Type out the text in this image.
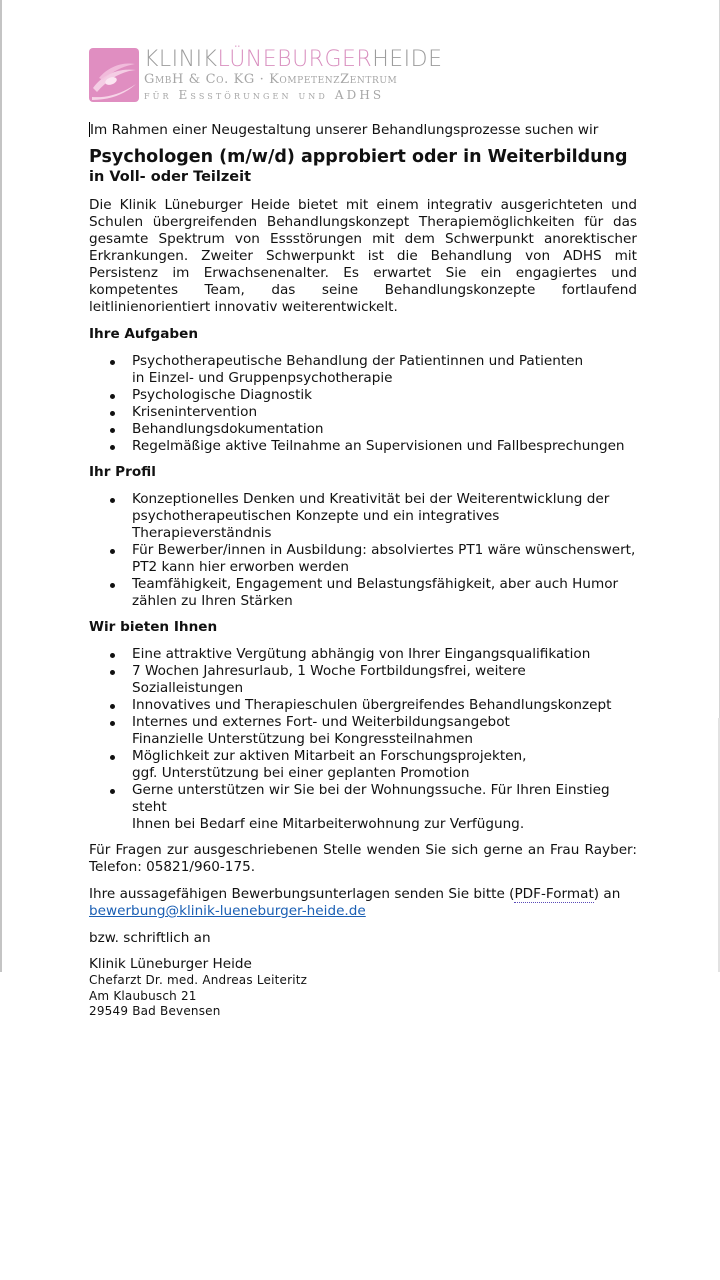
KLINIKLÜNEBURGERHEIDE
GmbH & Co. KG · KompetenzZentrum
für Essstörungen und ADHS

Im Rahmen einer Neugestaltung unserer Behandlungsprozesse suchen wir

Psychologen (m/w/d) approbiert oder in Weiterbildung
in Voll- oder Teilzeit

Die Klinik Lüneburger Heide bietet mit einem integrativ ausgerichteten und Schulen übergreifenden Behandlungskonzept Therapiemöglichkeiten für das gesamte Spektrum von Essstörungen mit dem Schwerpunkt anorektischer Erkrankungen. Zweiter Schwerpunkt ist die Behandlung von ADHS mit Persistenz im Erwachsenenalter. Es erwartet Sie ein engagiertes und kompetentes Team, das seine Behandlungskonzepte fortlaufend leitlinienorientiert innovativ weiterentwickelt.

Ihre Aufgaben
Psychotherapeutische Behandlung der Patientinnen und Patienten
in Einzel- und Gruppenpsychotherapie
Psychologische Diagnostik
Krisenintervention
Behandlungsdokumentation
Regelmäßige aktive Teilnahme an Supervisionen und Fallbesprechungen
Ihr Profil
Konzeptionelles Denken und Kreativität bei der Weiterentwicklung der
psychotherapeutischen Konzepte und ein integratives Therapieverständnis
Für Bewerber/innen in Ausbildung: absolviertes PT1 wäre wünschenswert,
PT2 kann hier erworben werden
Teamfähigkeit, Engagement und Belastungsfähigkeit, aber auch Humor
zählen zu Ihren Stärken
Wir bieten Ihnen
Eine attraktive Vergütung abhängig von Ihrer Eingangsqualifikation
7 Wochen Jahresurlaub, 1 Woche Fortbildungsfrei, weitere Sozialleistungen
Innovatives und Therapieschulen übergreifendes Behandlungskonzept
Internes und externes Fort- und Weiterbildungsangebot
Finanzielle Unterstützung bei Kongressteilnahmen
Möglichkeit zur aktiven Mitarbeit an Forschungsprojekten,
ggf. Unterstützung bei einer geplanten Promotion
Gerne unterstützen wir Sie bei der Wohnungssuche. Für Ihren Einstieg steht
Ihnen bei Bedarf eine Mitarbeiterwohnung zur Verfügung.

Für Fragen zur ausgeschriebenen Stelle wenden Sie sich gerne an Frau Rayber: Telefon: 05821/960-175.

Ihre aussagefähigen Bewerbungsunterlagen senden Sie bitte (PDF-Format) an
bewerbung@klinik-lueneburger-heide.de

bzw. schriftlich an

Klinik Lüneburger Heide
Chefarzt Dr. med. Andreas Leiteritz
Am Klaubusch 21
29549 Bad Bevensen
